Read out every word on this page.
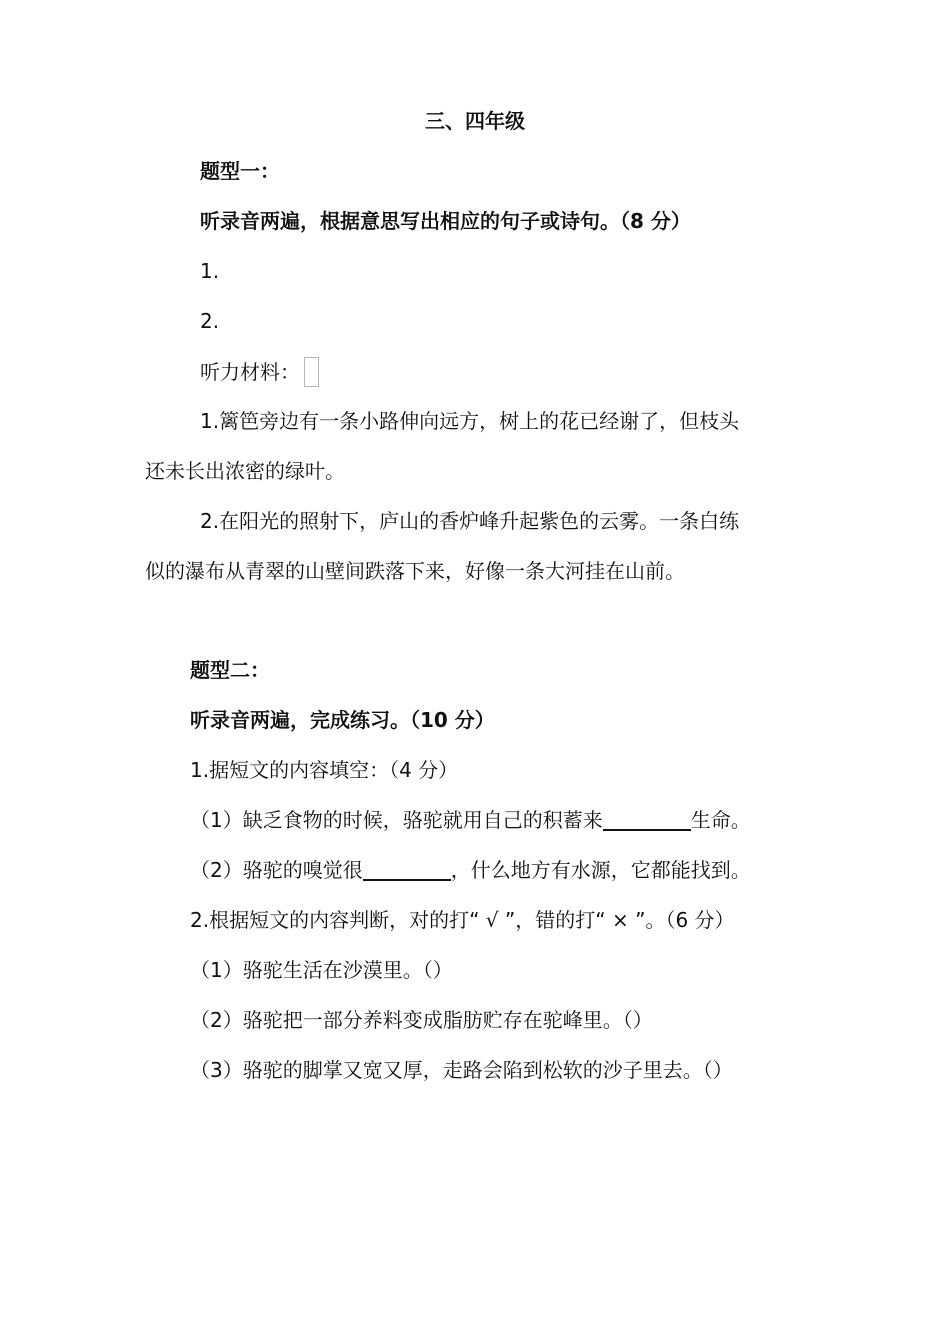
三、四年级
题型一：
听录音两遍，根据意思写出相应的句子或诗句。（8 分）
1.
2.
听力材料：
1.篱笆旁边有一条小路伸向远方，树上的花已经谢了，但枝头
还未长出浓密的绿叶。
2.在阳光的照射下，庐山的香炉峰升起紫色的云雾。一条白练
似的瀑布从青翠的山壁间跌落下来，好像一条大河挂在山前。
题型二：
听录音两遍，完成练习。（10 分）
1.据短文的内容填空：（4 分）
（1）缺乏食物的时候，骆驼就用自己的积蓄来	生命。
（2）骆驼的嗅觉很	，什么地方有水源，它都能找到。
2.根据短文的内容判断，对的打“ √ ”，错的打“ × ”。（6 分）
（1）骆驼生活在沙漠里。（）
（2）骆驼把一部分养料变成脂肪贮存在驼峰里。（）
（3）骆驼的脚掌又宽又厚，走路会陷到松软的沙子里去。（）
